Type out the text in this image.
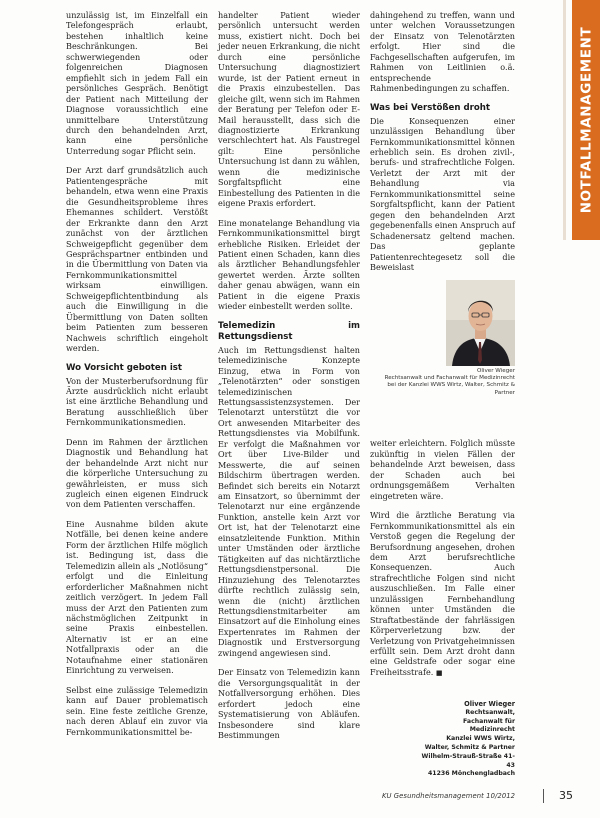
NOTFALLMANAGEMENT

unzulässig ist, im Einzelfall ein Telefongespräch erlaubt, bestehen inhaltlich keine Beschränkungen. Bei schwerwiegenden oder folgenreichen Diagnosen empfiehlt sich in jedem Fall ein persönliches Gespräch. Benötigt der Patient nach Mitteilung der Diagnose voraussichtlich eine unmittelbare Unterstützung durch den behandelnden Arzt, kann eine persönliche Unterredung sogar Pflicht sein.

Der Arzt darf grundsätzlich auch Patientengespräche mit behandeln, etwa wenn eine Praxis die Gesundheitsprobleme ihres Ehemannes schildert. Verstößt der Erkrankte dann den Arzt zunächst von der ärztlichen Schweigepflicht gegenüber dem Gesprächspartner entbinden und in die Übermittlung von Daten via Fernkommunikationsmittel wirksam einwilligen. Schweigepflichtentbindung als auch die Einwilligung in die Übermittlung von Daten sollten beim Patienten zum besseren Nachweis schriftlich eingeholt werden.

Wo Vorsicht geboten ist

Von der Musterberufsordnung für Ärzte ausdrücklich nicht erlaubt ist eine ärztliche Behandlung und Beratung ausschließlich über Fernkommunikationsmedien.

Denn im Rahmen der ärztlichen Diagnostik und Behandlung hat der behandelnde Arzt nicht nur die körperliche Untersuchung zu gewährleisten, er muss sich zugleich einen eigenen Eindruck von dem Patienten verschaffen.

Eine Ausnahme bilden akute Notfälle, bei denen keine andere Form der ärztlichen Hilfe möglich ist. Bedingung ist, dass die Telemedizin allein als „Notlösung“ erfolgt und die Einleitung erforderlicher Maßnahmen nicht zeitlich verzögert. In jedem Fall muss der Arzt den Patienten zum nächstmöglichen Zeitpunkt in seine Praxis einbestellen. Alternativ ist er an eine Notfallpraxis oder an die Notaufnahme einer stationären Einrichtung zu verweisen.

Selbst eine zulässige Telemedizin kann auf Dauer problematisch sein. Eine feste zeitliche Grenze, nach deren Ablauf ein zuvor via Fernkommunikationsmittel be-

handelter Patient wieder persönlich untersucht werden muss, existiert nicht. Doch bei jeder neuen Erkrankung, die nicht durch eine persönliche Untersuchung diagnostiziert wurde, ist der Patient erneut in die Praxis einzubestellen. Das gleiche gilt, wenn sich im Rahmen der Beratung per Telefon oder E-Mail herausstellt, dass sich die diagnostizierte Erkrankung verschlechtert hat. Als Faustregel gilt: Eine persönliche Untersuchung ist dann zu wählen, wenn die medizinische Sorgfaltspflicht eine Einbestellung des Patienten in die eigene Praxis erfordert.

Eine monatelange Behandlung via Fernkommunikationsmittel birgt erhebliche Risiken. Erleidet der Patient einen Schaden, kann dies als ärztlicher Behandlungsfehler gewertet werden. Ärzte sollten daher genau abwägen, wann ein Patient in die eigene Praxis wieder einbestellt werden sollte.

Telemedizin im Rettungsdienst

Auch im Rettungsdienst halten telemedizinische Konzepte Einzug, etwa in Form von „Telenotärzten“ oder sonstigen telemedizinischen Rettungsassistenzsystemen. Der Telenotarzt unterstützt die vor Ort anwesenden Mitarbeiter des Rettungsdienstes via Mobilfunk. Er verfolgt die Maßnahmen vor Ort über Live-Bilder und Messwerte, die auf seinen Bildschirm übertragen werden. Befindet sich bereits ein Notarzt am Einsatzort, so übernimmt der Telenotarzt nur eine ergänzende Funktion, anstelle kein Arzt vor Ort ist, hat der Telenotarzt eine einsatzleitende Funktion. Mithin unter Umständen oder ärztliche Tätigkeiten auf das nichtärztliche Rettungsdienstpersonal. Die Hinzuziehung des Telenotarztes dürfte rechtlich zulässig sein, wenn die (nicht) ärztlichen Rettungsdienstmitarbeiter am Einsatzort auf die Einholung eines Expertenrates im Rahmen der Diagnostik und Erstversorgung zwingend angewiesen sind.

Der Einsatz von Telemedizin kann die Versorgungsqualität in der Notfallversorgung erhöhen. Dies erfordert jedoch eine Systematisierung von Abläufen. Insbesondere sind klare Bestimmungen

dahingehend zu treffen, wann und unter welchen Voraussetzungen der Einsatz von Telenotärzten erfolgt. Hier sind die Fachgesellschaften aufgerufen, im Rahmen von Leitlinien o.ä. entsprechende Rahmenbedingungen zu schaffen.

Was bei Verstößen droht

Die Konsequenzen einer unzulässigen Behandlung über Fernkommunikationsmittel können erheblich sein. Es drohen zivil-, berufs- und strafrechtliche Folgen. Verletzt der Arzt mit der Behandlung via Fernkommunikationsmittel seine Sorgfaltspflicht, kann der Patient gegen den behandelnden Arzt gegebenenfalls einen Anspruch auf Schadenersatz geltend machen. Das geplante Patientenrechtegesetz soll die Beweislast

weiter erleichtern. Folglich müsste zukünftig in vielen Fällen der behandelnde Arzt beweisen, dass der Schaden auch bei ordnungsgemäßem Verhalten eingetreten wäre.

Wird die ärztliche Beratung via Fernkommunikationsmittel als ein Verstoß gegen die Regelung der Berufsordnung angesehen, drohen dem Arzt berufsrechtliche Konsequenzen. Auch strafrechtliche Folgen sind nicht auszuschließen. Im Falle einer unzulässigen Fernbehandlung können unter Umständen die Straftatbestände der fahrlässigen Körperverletzung bzw. der Verletzung von Privatgeheimnissen erfüllt sein. Dem Arzt droht dann eine Geldstrafe oder sogar eine Freiheitsstrafe. ■

Oliver Wieger
Rechtsanwalt und Fachanwalt für Medizinrecht
bei der Kanzlei WWS Wirtz, Walter, Schmitz & Partner
Oliver Wieger
Rechtsanwalt,
Fachanwalt für Medizinrecht
Kanzlei WWS Wirtz,
Walter, Schmitz & Partner
Wilhelm-Strauß-Straße 41-43
41236 Mönchengladbach
KU Gesundheitsmanagement 10/2012	35
